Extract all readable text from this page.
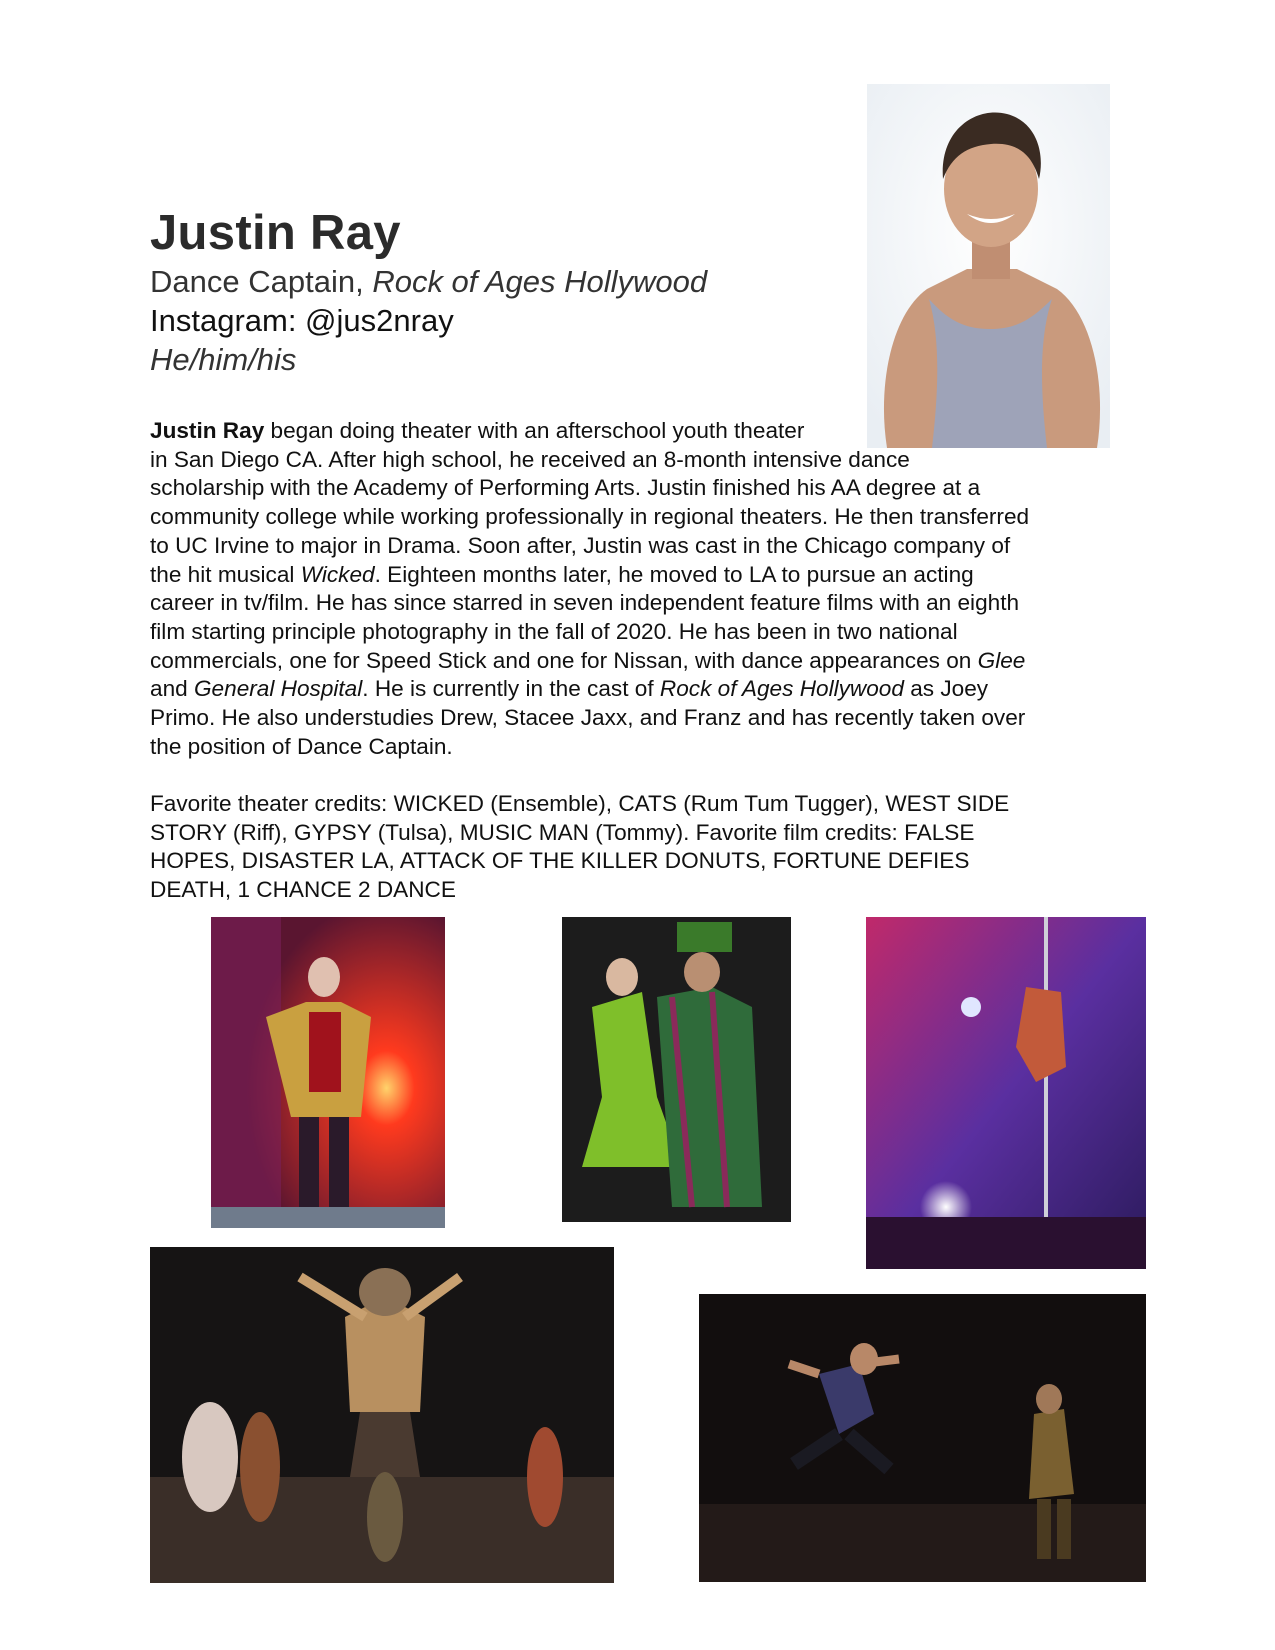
Justin Ray
Dance Captain, Rock of Ages Hollywood
Instagram: @jus2nray
He/him/his

Justin Ray began doing theater with an afterschool youth theater
in San Diego CA. After high school, he received an 8-month intensive dance
scholarship with the Academy of Performing Arts. Justin finished his AA degree at a
community college while working professionally in regional theaters. He then transferred
to UC Irvine to major in Drama. Soon after, Justin was cast in the Chicago company of
the hit musical Wicked. Eighteen months later, he moved to LA to pursue an acting
career in tv/film. He has since starred in seven independent feature films with an eighth
film starting principle photography in the fall of 2020. He has been in two national
commercials, one for Speed Stick and one for Nissan, with dance appearances on Glee
and General Hospital. He is currently in the cast of Rock of Ages Hollywood as Joey
Primo. He also understudies Drew, Stacee Jaxx, and Franz and has recently taken over
the position of Dance Captain.

Favorite theater credits: WICKED (Ensemble), CATS (Rum Tum Tugger), WEST SIDE
STORY (Riff), GYPSY (Tulsa), MUSIC MAN (Tommy). Favorite film credits: FALSE
HOPES, DISASTER LA, ATTACK OF THE KILLER DONUTS, FORTUNE DEFIES
DEATH, 1 CHANCE 2 DANCE
